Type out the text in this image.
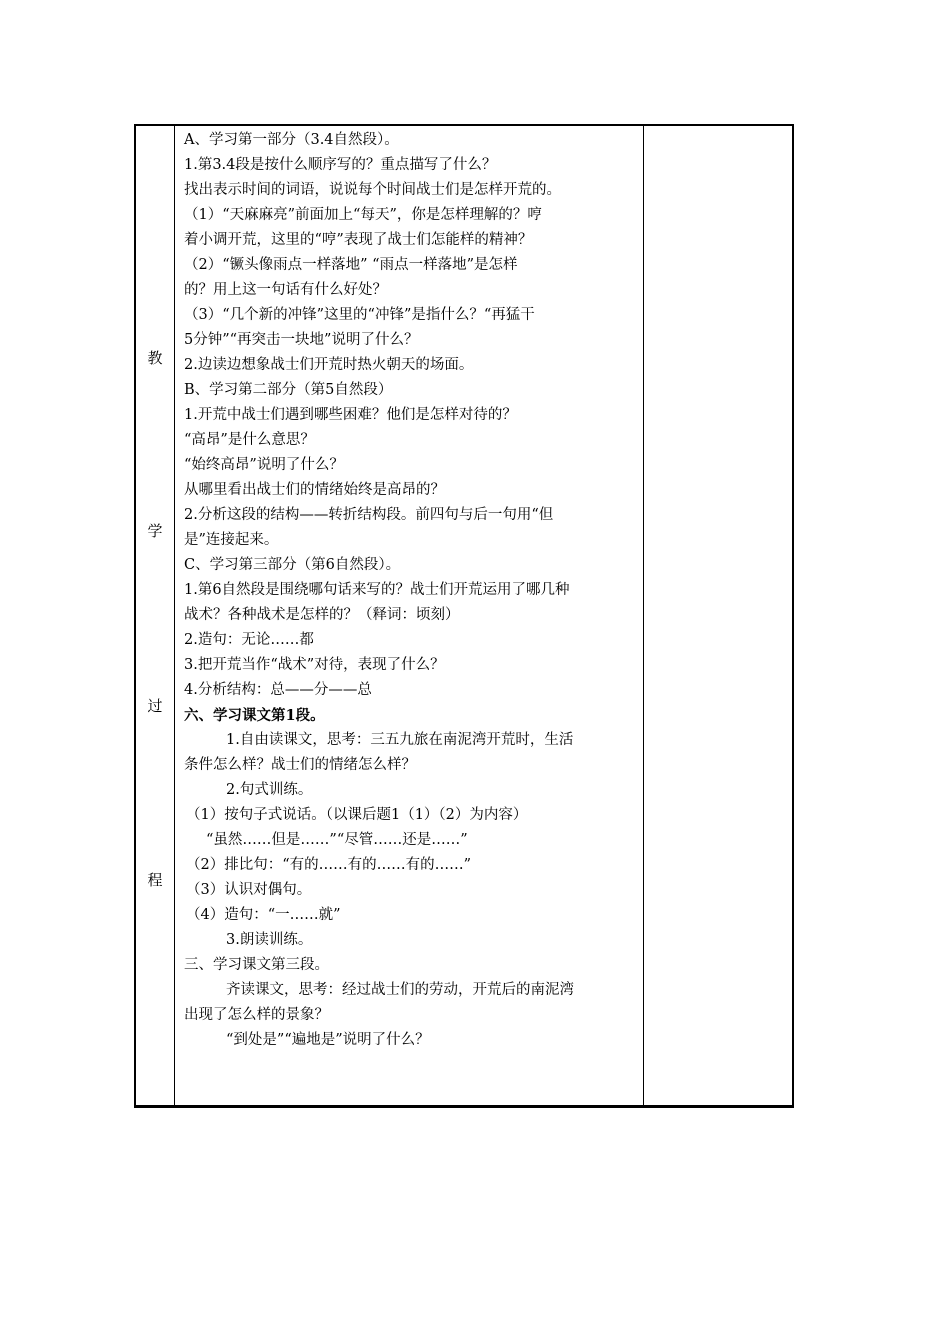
教
学
过
程
A、学习第一部分（3.4自然段）。
1.第3.4段是按什么顺序写的？重点描写了什么？
找出表示时间的词语，说说每个时间战士们是怎样开荒的。
（1）“天麻麻亮”前面加上“每天”，你是怎样理解的？哼
着小调开荒，这里的“哼”表现了战士们怎能样的精神？
（2）“镢头像雨点一样落地” “雨点一样落地”是怎样
的？用上这一句话有什么好处？
（3）“几个新的冲锋”这里的“冲锋”是指什么？“再猛干
5分钟”“再突击一块地”说明了什么？
2.边读边想象战士们开荒时热火朝天的场面。
B、学习第二部分（第5自然段）
1.开荒中战士们遇到哪些困难？他们是怎样对待的？
“高昂”是什么意思？
“始终高昂”说明了什么？
从哪里看出战士们的情绪始终是高昂的？
2.分析这段的结构——转折结构段。前四句与后一句用“但
是”连接起来。
C、学习第三部分（第6自然段）。
1.第6自然段是围绕哪句话来写的？战士们开荒运用了哪几种
战术？各种战术是怎样的？（释词：顷刻）
2.造句：无论……都
3.把开荒当作“战术”对待，表现了什么？
4.分析结构：总——分——总
六、学习课文第1段。
1.自由读课文，思考：三五九旅在南泥湾开荒时，生活
条件怎么样？战士们的情绪怎么样？
2.句式训练。
（1）按句子式说话。（以课后题1（1）（2）为内容）
“虽然……但是……”“尽管……还是……”
（2）排比句：“有的……有的……有的……”
（3）认识对偶句。
（4）造句：“一……就”
3.朗读训练。
三、学习课文第三段。
齐读课文，思考：经过战士们的劳动，开荒后的南泥湾
出现了怎么样的景象？
“到处是”“遍地是”说明了什么？
